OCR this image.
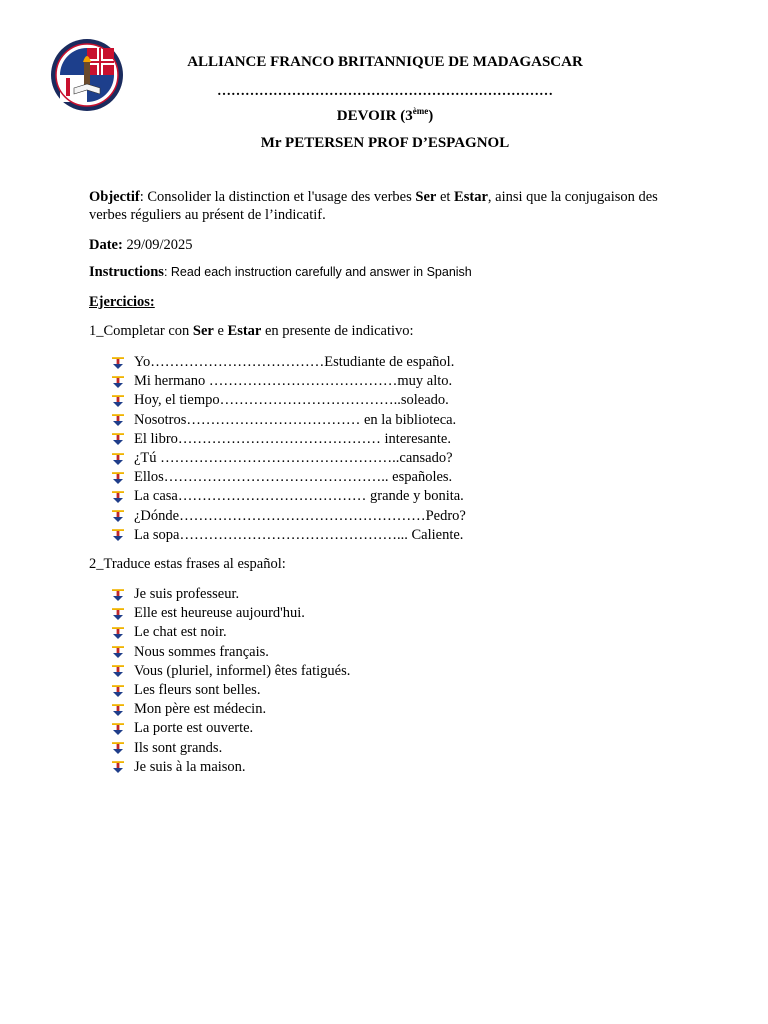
ALLIANCE FRANCO BRITANNIQUE DE MADAGASCAR
………………………………………………………………
DEVOIR (3ème)
Mr PETERSEN PROF D’ESPAGNOL
Objectif: Consolider la distinction et l'usage des verbes Ser et Estar, ainsi que la conjugaison des verbes réguliers au présent de l’indicatif.
Date: 29/09/2025
Instructions: Read each instruction carefully and answer in Spanish
Ejercicios:
1_Completar con Ser e Estar en presente de indicativo:
Yo………………………………Estudiante de español.
Mi hermano …………………………………muy alto.
Hoy, el tiempo………………………………..soleado.
Nosotros……………………………… en la biblioteca.
El libro…………………………………… interesante.
¿Tú …………………………………………..cansado?
Ellos……………………………………….. españoles.
La casa………………………………… grande y bonita.
¿Dónde……………………………………………Pedro?
La sopa………………………………………... Caliente.
2_Traduce estas frases al español:
Je suis professeur.
Elle est heureuse aujourd'hui.
Le chat est noir.
Nous sommes français.
Vous (pluriel, informel) êtes fatigués.
Les fleurs sont belles.
Mon père est médecin.
La porte est ouverte.
Ils sont grands.
Je suis à la maison.
